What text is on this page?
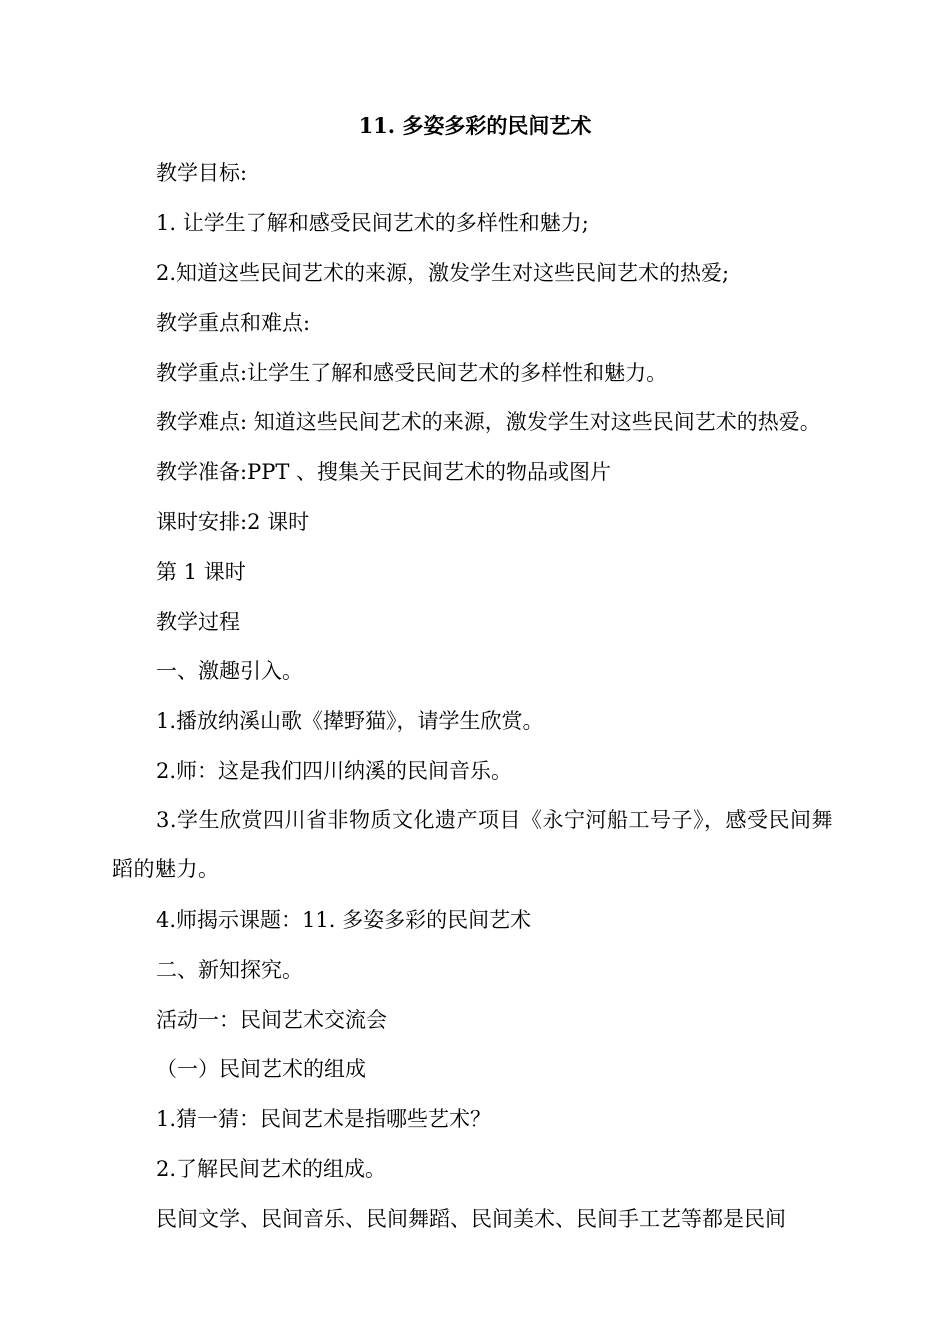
11. 多姿多彩的民间艺术
教学目标:
1. 让学生了解和感受民间艺术的多样性和魅力;
2.知道这些民间艺术的来源，激发学生对这些民间艺术的热爱;
教学重点和难点:
教学重点:让学生了解和感受民间艺术的多样性和魅力。
教学难点: 知道这些民间艺术的来源，激发学生对这些民间艺术的热爱。
教学准备:PPT 、搜集关于民间艺术的物品或图片
课时安排:2 课时
第 1 课时
教学过程
一、激趣引入。
1.播放纳溪山歌《撵野猫》，请学生欣赏。
2.师：这是我们四川纳溪的民间音乐。
3.学生欣赏四川省非物质文化遗产项目《永宁河船工号子》，感受民间舞蹈的魅力。
4.师揭示课题：11. 多姿多彩的民间艺术
二、新知探究。
活动一：民间艺术交流会
（一）民间艺术的组成
1.猜一猜：民间艺术是指哪些艺术？
2.了解民间艺术的组成。
民间文学、民间音乐、民间舞蹈、民间美术、民间手工艺等都是民间
